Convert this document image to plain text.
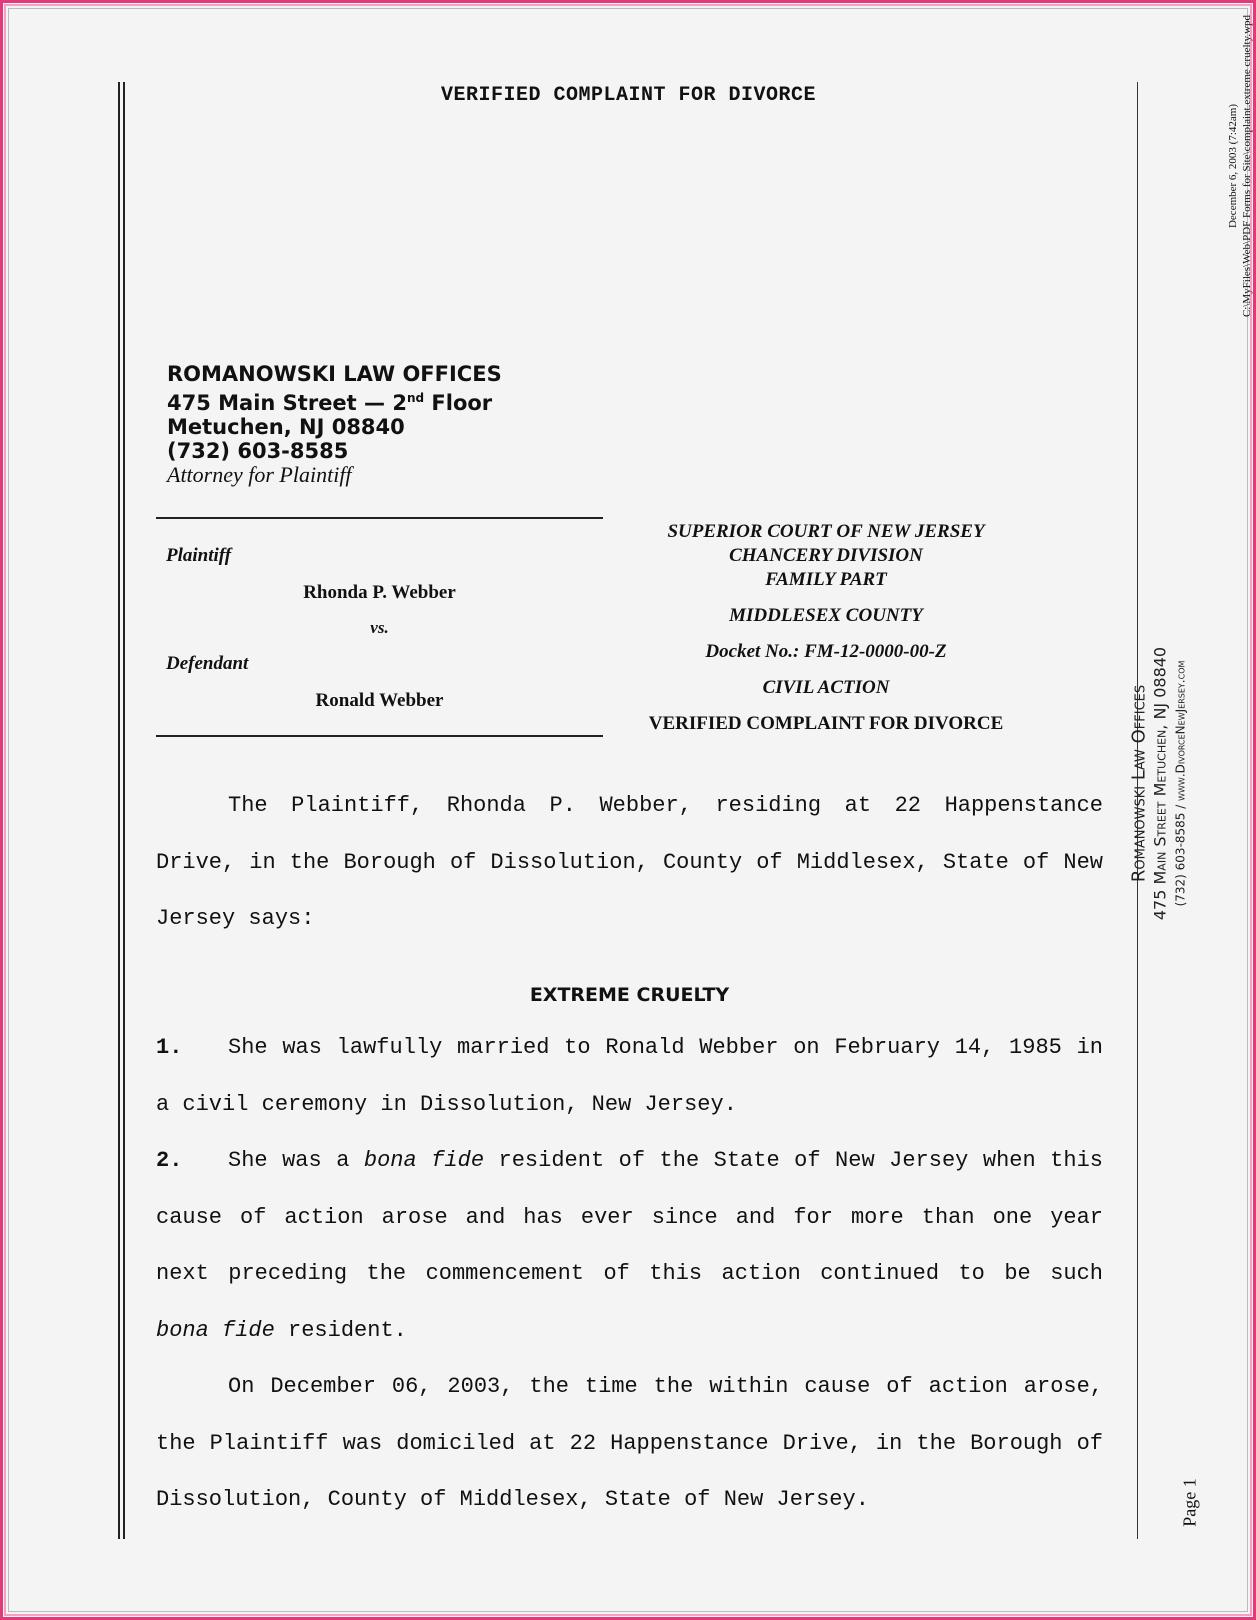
VERIFIED COMPLAINT FOR DIVORCE
ROMANOWSKI LAW OFFICES
475 Main Street — 2nd Floor
Metuchen, NJ 08840
(732) 603-8585
Attorney for Plaintiff
Plaintiff
Rhonda P. Webber
vs.
Defendant
Ronald Webber
SUPERIOR COURT OF NEW JERSEY
CHANCERY DIVISION
FAMILY PART
MIDDLESEX COUNTY
Docket No.: FM-12-0000-00-Z
CIVIL ACTION
VERIFIED COMPLAINT FOR DIVORCE

The Plaintiff, Rhonda P. Webber, residing at 22 Happenstance Drive, in the Borough of Dissolution, County of Middlesex, State of New Jersey says:

EXTREME CRUELTY

1. She was lawfully married to Ronald Webber on February 14, 1985 in a civil ceremony in Dissolution, New Jersey.

2. She was a bona fide resident of the State of New Jersey when this cause of action arose and has ever since and for more than one year next preceding the commencement of this action continued to be such bona fide resident.

On December 06, 2003, the time the within cause of action arose, the Plaintiff was domiciled at 22 Happenstance Drive, in the Borough of Dissolution, County of Middlesex, State of New Jersey.

December 6, 2003 (7:42am) C:\MyFiles\Web\PDF Forms for Site\complaint.extreme cruelty.wpd
Romanowski Law Offices 475 Main Street Metuchen, NJ 08840 (732) 603-8585 / www.DivorceNewJersey.com
Page 1
